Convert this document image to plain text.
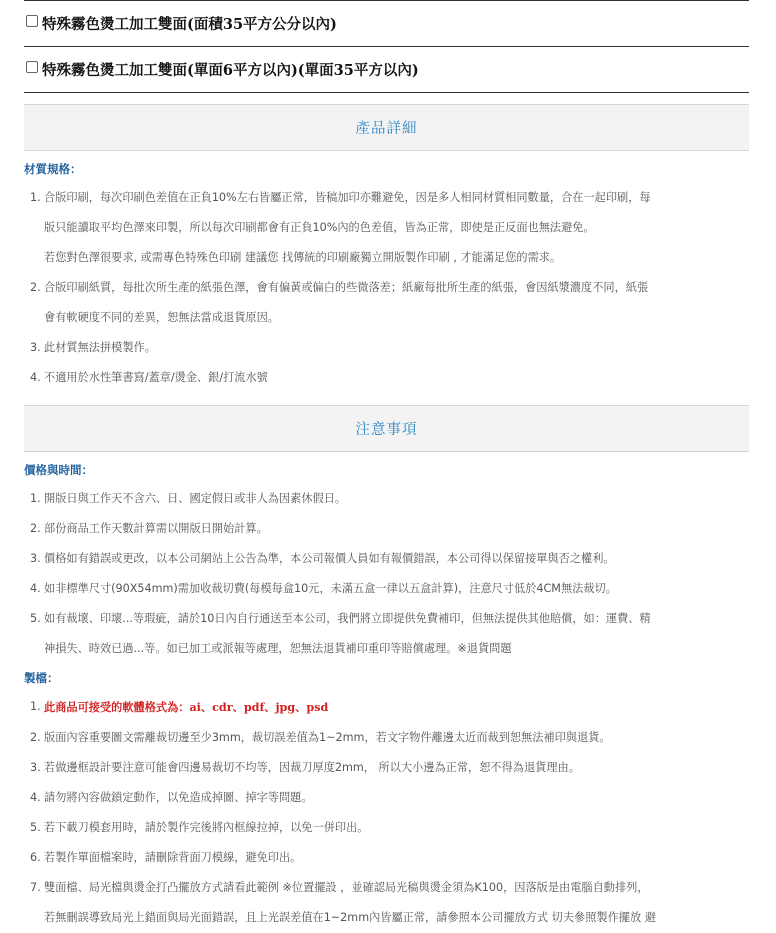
特殊霧色燙工加工雙面(面積35平方公分以內)
特殊霧色燙工加工雙面(單面6平方以內)(單面35平方以內)
產品詳細
材質規格：
1. 合版印刷，每次印刷色差值在正負10%左右皆屬正常，皆稿加印亦難避免，因是多人相同材質相同數量，合在一起印刷，每
版只能讀取平均色澤來印製，所以每次印刷都會有正負10%內的色差值，皆為正常，即使是正反面也無法避免。
若您對色澤很要求, 或需專色特殊色印刷 建議您 找傳統的印刷廠獨立開版製作印刷 , 才能滿足您的需求。
2. 合版印刷紙質，每批次所生產的紙張色澤，會有偏黃或偏白的些微落差；紙廠每批所生產的紙張，會因紙漿濃度不同，紙張
會有軟硬度不同的差異，恕無法當成退貨原因。
3. 此材質無法拼模製作。
4. 不適用於水性筆書寫/蓋章/燙金、銀/打流水號
注意事項
價格與時間：
1. 開版日與工作天不含六、日、國定假日或非人為因素休假日。
2. 部份商品工作天數計算需以開版日開始計算。
3. 價格如有錯誤或更改，以本公司網站上公告為準，本公司報價人員如有報價錯誤，本公司得以保留接單與否之權利。
4. 如非標準尺寸(90X54mm)需加收裁切費(每模每盒10元，未滿五盒一律以五盒計算)，注意尺寸低於4CM無法裁切。
5. 如有裁壞、印壞...等瑕疵，請於10日內自行通送至本公司，我們將立即提供免費補印，但無法提供其他賠償，如：運費、精
神損失、時效已過...等。如已加工或派報等處理，恕無法退貨補印重印等賠償處理。※退貨問題
製檔：
1. 此商品可接受的軟體格式為：ai、cdr、pdf、jpg、psd
2. 版面內容重要圖文需離裁切邊至少3mm，裁切誤差值為1~2mm，若文字物件離邊太近而裁到恕無法補印與退貨。
3. 若做邊框設計要注意可能會四邊易裁切不均等，因裁刀厚度2mm， 所以大小邊為正常，恕不得為退貨理由。
4. 請勿將內容做鎖定動作，以免造成掉圖、掉字等問題。
5. 若下載刀模套用時，請於製作完後將內框線拉掉，以免一併印出。
6. 若製作單面檔案時，請刪除背面刀模線，避免印出。
7. 雙面檔、局光檔與燙金打凸擺放方式請看此範例 ※位置擺設 ，並確認局光稿與燙金須為K100，因落版是由電腦自動排列，
若無刪誤導致局光上錯面與局光面錯誤，且上光誤差值在1~2mm內皆屬正常，請參照本公司擺放方式 切夫參照製作擺放 避
